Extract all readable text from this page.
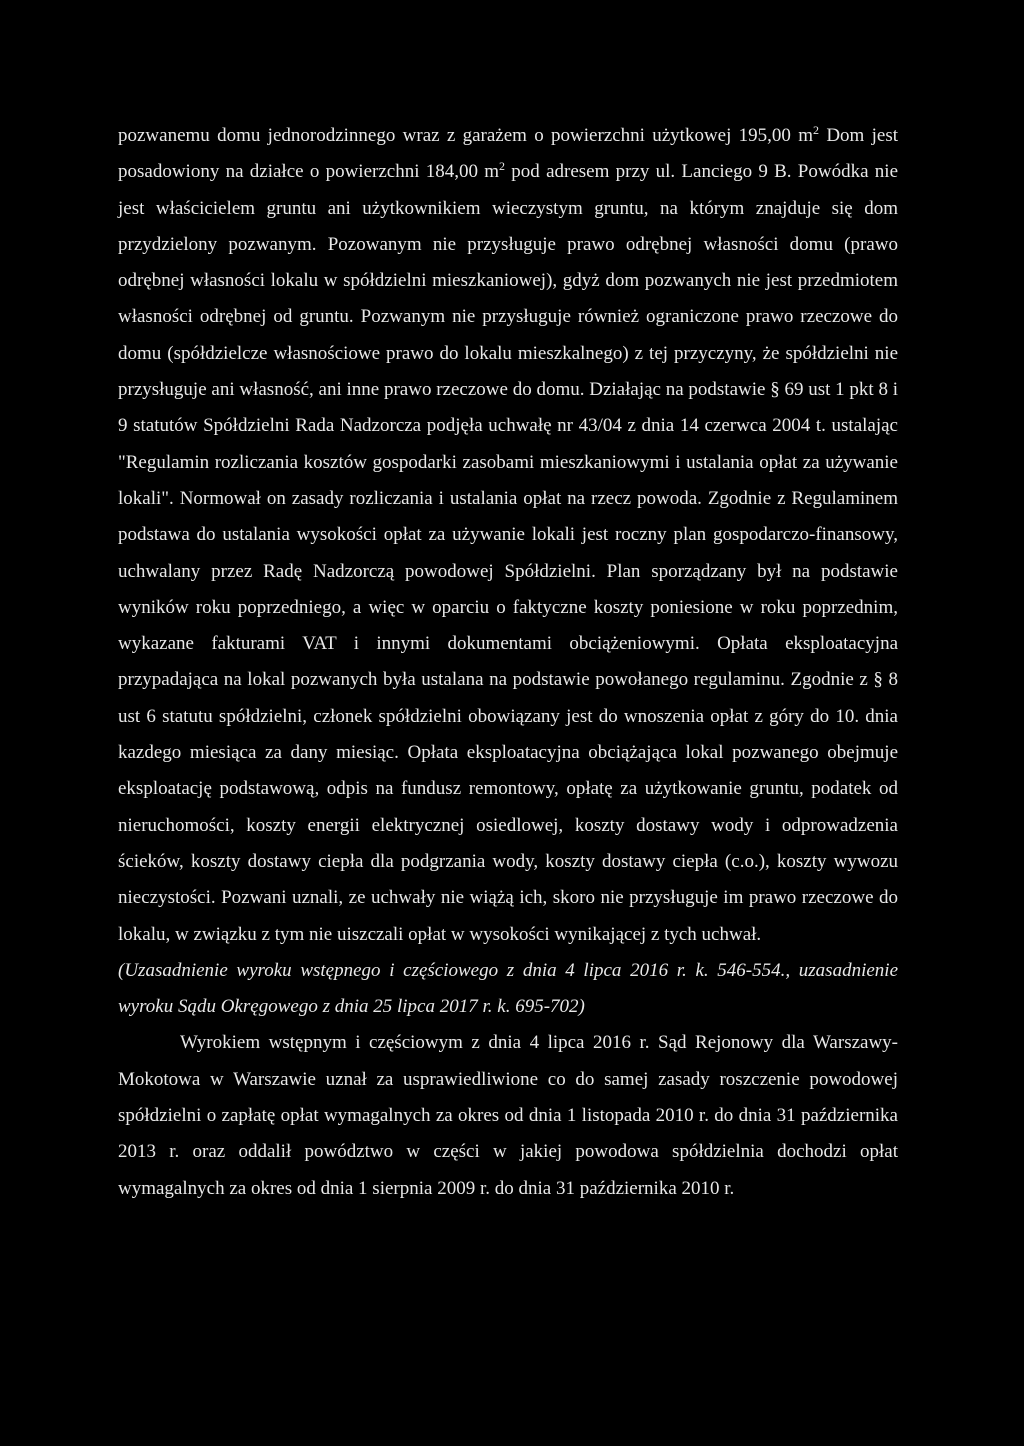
pozwanemu domu jednorodzinnego wraz z garażem o powierzchni użytkowej 195,00 $m^2$ Dom jest posadowiony na działce o powierzchni 184,00 $m^2$ pod adresem przy ul. Lanciego 9 B. Powódka nie jest właścicielem gruntu ani użytkownikiem wieczystym gruntu, na którym znajduje się dom przydzielony pozwanym. Pozowanym nie przysługuje prawo odrębnej własności domu (prawo odrębnej własności lokalu w spółdzielni mieszkaniowej), gdyż dom pozwanych nie jest przedmiotem własności odrębnej od gruntu. Pozwanym nie przysługuje również ograniczone prawo rzeczowe do domu (spółdzielcze własnościowe prawo do lokalu mieszkalnego) z tej przyczyny, że spółdzielni nie przysługuje ani własność, ani inne prawo rzeczowe do domu. Działając na podstawie § 69 ust 1 pkt 8 i 9 statutów Spółdzielni Rada Nadzorcza podjęła uchwałę nr 43/04 z dnia 14 czerwca 2004 t. ustalając "Regulamin rozliczania kosztów gospodarki zasobami mieszkaniowymi i ustalania opłat za używanie lokali". Normował on zasady rozliczania i ustalania opłat na rzecz powoda. Zgodnie z Regulaminem podstawa do ustalania wysokości opłat za używanie lokali jest roczny plan gospodarczo-finansowy, uchwalany przez Radę Nadzorczą powodowej Spółdzielni. Plan sporządzany był na podstawie wyników roku poprzedniego, a więc w oparciu o faktyczne koszty poniesione w roku poprzednim, wykazane fakturami VAT i innymi dokumentami obciążeniowymi. Opłata eksploatacyjna przypadająca na lokal pozwanych była ustalana na podstawie powołanego regulaminu. Zgodnie z § 8 ust 6 statutu spółdzielni, członek spółdzielni obowiązany jest do wnoszenia opłat z góry do 10. dnia kazdego miesiąca za dany miesiąc. Opłata eksploatacyjna obciążająca lokal pozwanego obejmuje eksploatację podstawową, odpis na fundusz remontowy, opłatę za użytkowanie gruntu, podatek od nieruchomości, koszty energii elektrycznej osiedlowej, koszty dostawy wody i odprowadzenia ścieków, koszty dostawy ciepła dla podgrzania wody, koszty dostawy ciepła (c.o.), koszty wywozu nieczystości. Pozwani uznali, ze uchwały nie wiążą ich, skoro nie przysługuje im prawo rzeczowe do lokalu, w związku z tym nie uiszczali opłat w wysokości wynikającej z tych uchwał.

(Uzasadnienie wyroku wstępnego i częściowego z dnia 4 lipca 2016 r. k. 546-554., uzasadnienie wyroku Sądu Okręgowego z dnia 25 lipca 2017 r. k. 695-702)

Wyrokiem wstępnym i częściowym z dnia 4 lipca 2016 r. Sąd Rejonowy dla Warszawy-Mokotowa w Warszawie uznał za usprawiedliwione co do samej zasady roszczenie powodowej spółdzielni o zapłatę opłat wymagalnych za okres od dnia 1 listopada 2010 r. do dnia 31 października 2013 r. oraz oddalił powództwo w części w jakiej powodowa spółdzielnia dochodzi opłat wymagalnych za okres od dnia 1 sierpnia 2009 r. do dnia 31 października 2010 r.
